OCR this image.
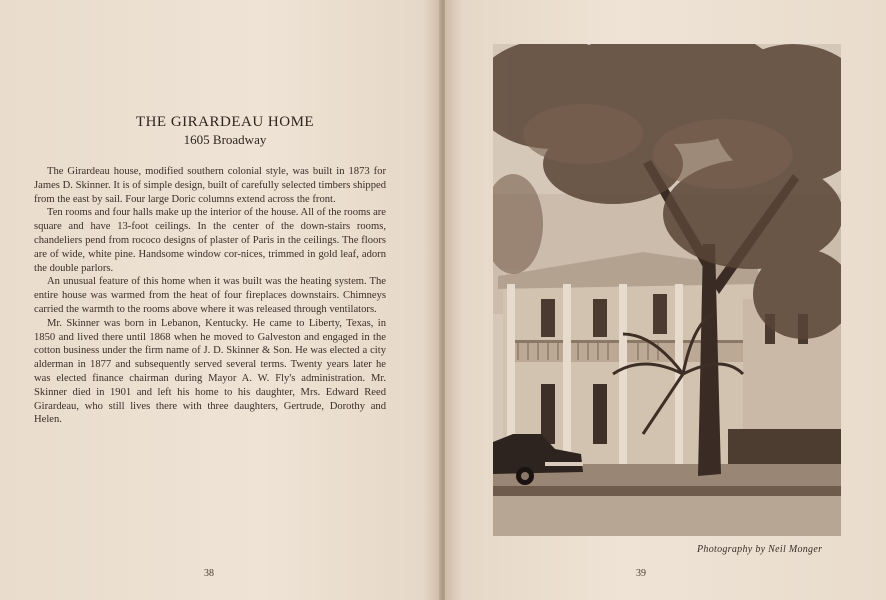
THE GIRARDEAU HOME
1605 Broadway

The Girardeau house, modified southern colonial style, was built in 1873 for James D. Skinner. It is of simple design, built of carefully selected timbers shipped from the east by sail. Four large Doric columns extend across the front.

Ten rooms and four halls make up the interior of the house. All of the rooms are square and have 13-foot ceilings. In the center of the down-stairs rooms, chandeliers pend from rococo designs of plaster of Paris in the ceilings. The floors are of wide, white pine. Handsome window cor-nices, trimmed in gold leaf, adorn the double parlors.

An unusual feature of this home when it was built was the heating system. The entire house was warmed from the heat of four fireplaces downstairs. Chimneys carried the warmth to the rooms above where it was released through ventilators.

Mr. Skinner was born in Lebanon, Kentucky. He came to Liberty, Texas, in 1850 and lived there until 1868 when he moved to Galveston and engaged in the cotton business under the firm name of J. D. Skinner & Son. He was elected a city alderman in 1877 and subsequently served several terms. Twenty years later he was elected finance chairman during Mayor A. W. Fly's administration. Mr. Skinner died in 1901 and left his home to his daughter, Mrs. Edward Reed Girardeau, who still lives there with three daughters, Gertrude, Dorothy and Helen.

38
Photography by Neil Monger
39
